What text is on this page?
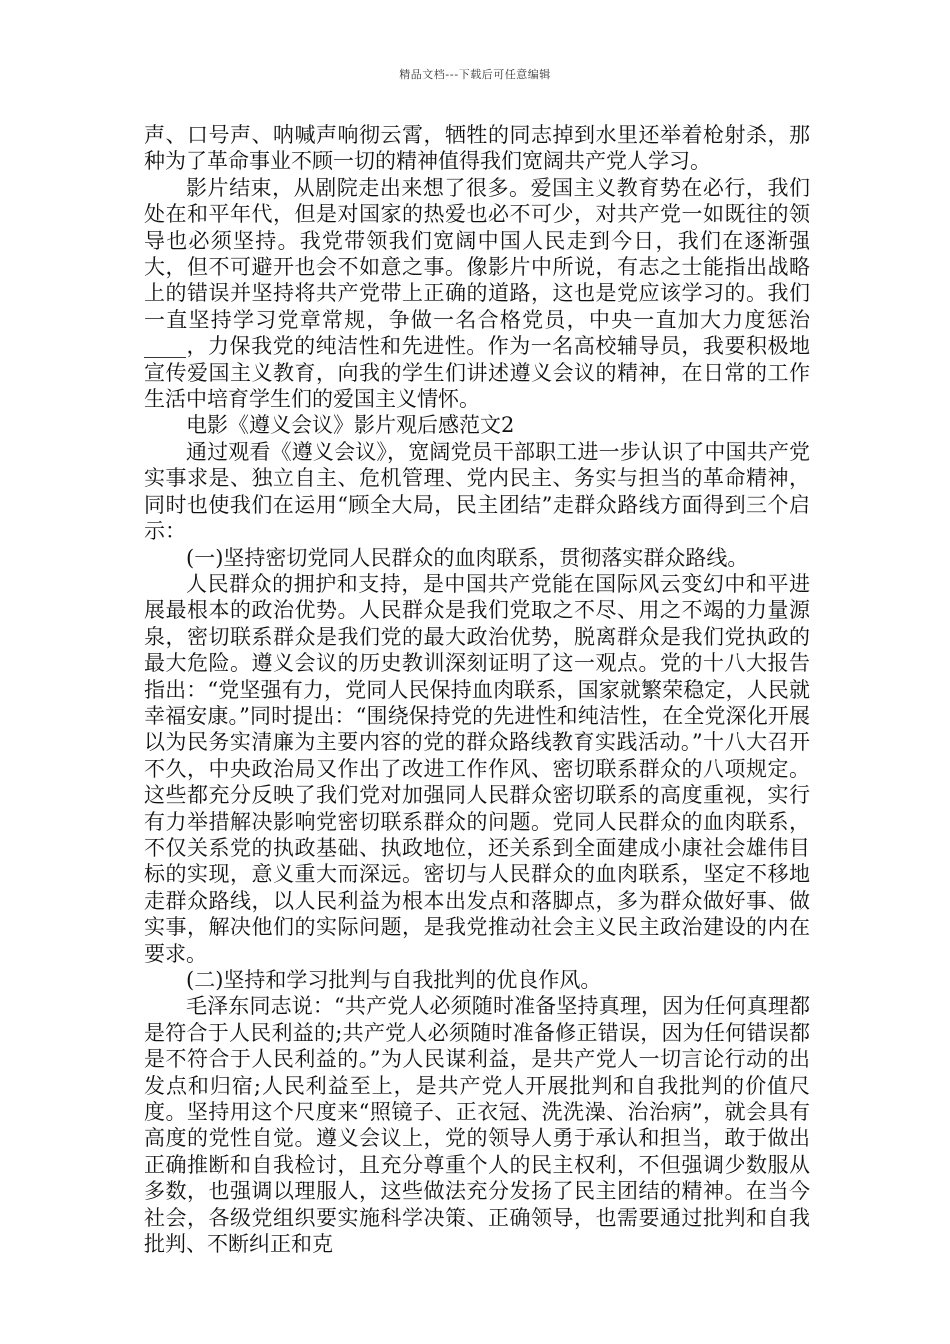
精品文档---下载后可任意编辑

声、口号声、呐喊声响彻云霄，牺牲的同志掉到水里还举着枪射杀，那种为了革命事业不顾一切的精神值得我们宽阔共产党人学习。

影片结束，从剧院走出来想了很多。爱国主义教育势在必行，我们处在和平年代，但是对国家的热爱也必不可少，对共产党一如既往的领导也必须坚持。我党带领我们宽阔中国人民走到今日，我们在逐渐强大，但不可避开也会不如意之事。像影片中所说，有志之士能指出战略上的错误并坚持将共产党带上正确的道路，这也是党应该学习的。我们一直坚持学习党章常规，争做一名合格党员，中央一直加大力度惩治____，力保我党的纯洁性和先进性。作为一名高校辅导员，我要积极地宣传爱国主义教育，向我的学生们讲述遵义会议的精神，在日常的工作生活中培育学生们的爱国主义情怀。

电影《遵义会议》影片观后感范文2

通过观看《遵义会议》，宽阔党员干部职工进一步认识了中国共产党实事求是、独立自主、危机管理、党内民主、务实与担当的革命精神，同时也使我们在运用“顾全大局，民主团结”走群众路线方面得到三个启示：

(一)坚持密切党同人民群众的血肉联系，贯彻落实群众路线。

人民群众的拥护和支持，是中国共产党能在国际风云变幻中和平进展最根本的政治优势。人民群众是我们党取之不尽、用之不竭的力量源泉，密切联系群众是我们党的最大政治优势，脱离群众是我们党执政的最大危险。遵义会议的历史教训深刻证明了这一观点。党的十八大报告指出：“党坚强有力，党同人民保持血肉联系，国家就繁荣稳定，人民就幸福安康。”同时提出：“围绕保持党的先进性和纯洁性，在全党深化开展以为民务实清廉为主要内容的党的群众路线教育实践活动。”十八大召开不久，中央政治局又作出了改进工作作风、密切联系群众的八项规定。这些都充分反映了我们党对加强同人民群众密切联系的高度重视，实行有力举措解决影响党密切联系群众的问题。党同人民群众的血肉联系，不仅关系党的执政基础、执政地位，还关系到全面建成小康社会雄伟目标的实现，意义重大而深远。密切与人民群众的血肉联系，坚定不移地走群众路线，以人民利益为根本出发点和落脚点，多为群众做好事、做实事，解决他们的实际问题，是我党推动社会主义民主政治建设的内在要求。

(二)坚持和学习批判与自我批判的优良作风。

毛泽东同志说：“共产党人必须随时准备坚持真理，因为任何真理都是符合于人民利益的;共产党人必须随时准备修正错误，因为任何错误都是不符合于人民利益的。”为人民谋利益，是共产党人一切言论行动的出发点和归宿;人民利益至上，是共产党人开展批判和自我批判的价值尺度。坚持用这个尺度来“照镜子、正衣冠、洗洗澡、治治病”，就会具有高度的党性自觉。遵义会议上，党的领导人勇于承认和担当，敢于做出正确推断和自我检讨，且充分尊重个人的民主权利，不但强调少数服从多数，也强调以理服人，这些做法充分发扬了民主团结的精神。在当今社会，各级党组织要实施科学决策、正确领导，也需要通过批判和自我批判、不断纠正和克
